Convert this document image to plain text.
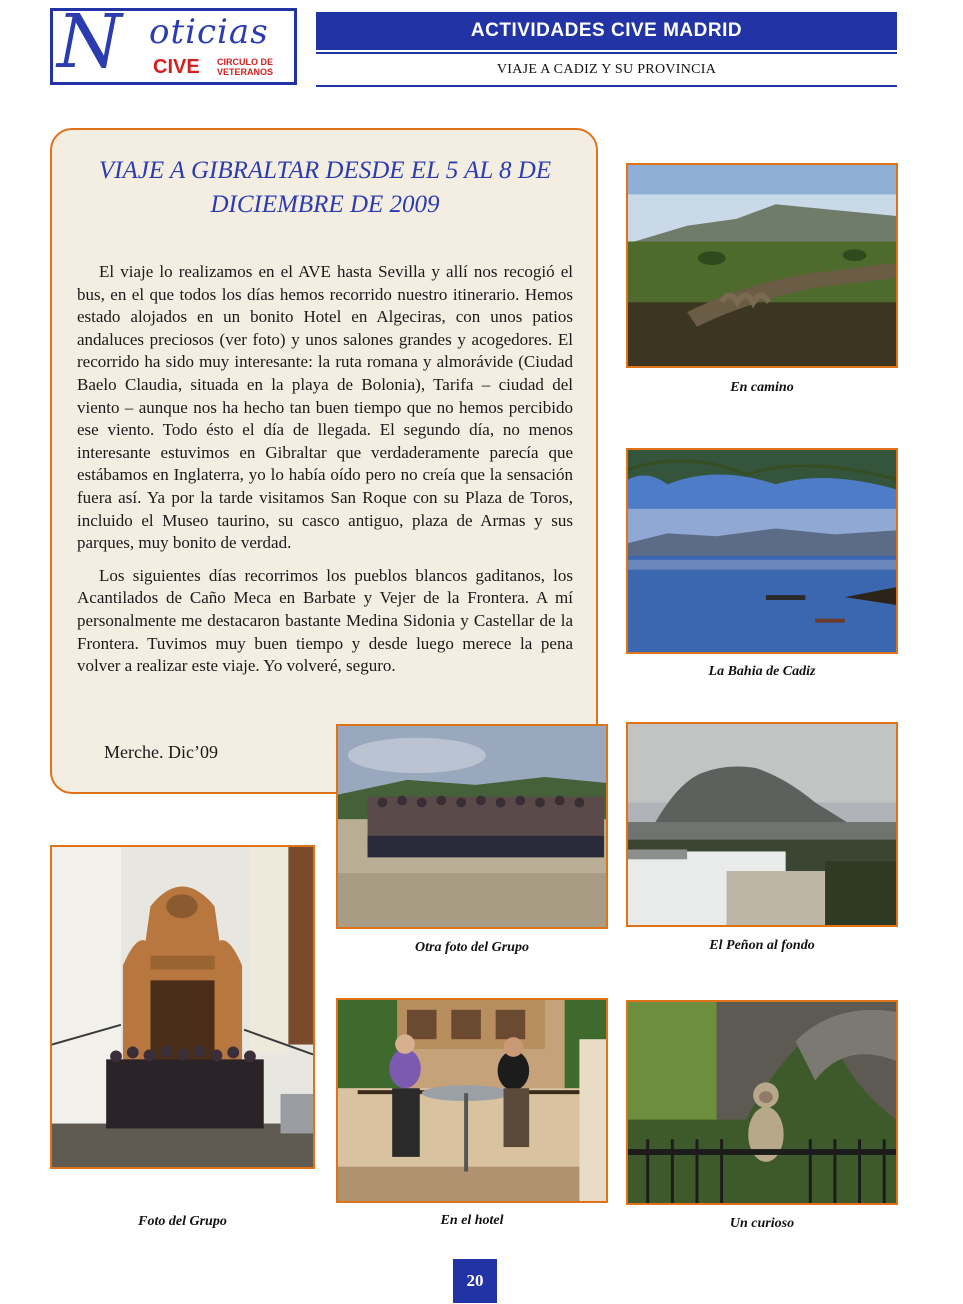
N oticias
CIVE CIRCULO DE VETERANOS
ACTIVIDADES CIVE MADRID
VIAJE A CADIZ Y SU PROVINCIA
VIAJE A GIBRALTAR DESDE EL 5 AL 8 DE DICIEMBRE DE 2009

El viaje lo realizamos en el AVE hasta Sevilla y allí nos recogió el bus, en el que todos los días hemos recorrido nuestro itinerario. Hemos estado alojados en un bonito Hotel en Algeciras, con unos patios andaluces preciosos (ver foto) y unos salones grandes y acogedores. El recorrido ha sido muy interesante: la ruta romana y almorávide (Ciudad Baelo Claudia, situada en la playa de Bolonia), Tarifa – ciudad del viento – aunque nos ha hecho tan buen tiempo que no hemos percibido ese viento. Todo ésto el día de llegada. El segundo día, no menos interesante estuvimos en Gibraltar que verdaderamente parecía que estábamos en Inglaterra, yo lo había oído pero no creía que la sensación fuera así. Ya por la tarde visitamos San Roque con su Plaza de Toros, incluido el Museo taurino, su casco antiguo, plaza de Armas y sus parques, muy bonito de verdad.

Los siguientes días recorrimos los pueblos blancos gaditanos, los Acantilados de Caño Meca en Barbate y Vejer de la Frontera. A mí personalmente me destacaron bastante Medina Sidonia y Castellar de la Frontera. Tuvimos muy buen tiempo y desde luego merece la pena volver a realizar este viaje. Yo volveré, seguro.

Merche. Dic’09
En camino
La Bahia de Cadiz
Otra foto del Grupo	El Peñon al fondo
Foto del Grupo	En el hotel	Un curioso
20
